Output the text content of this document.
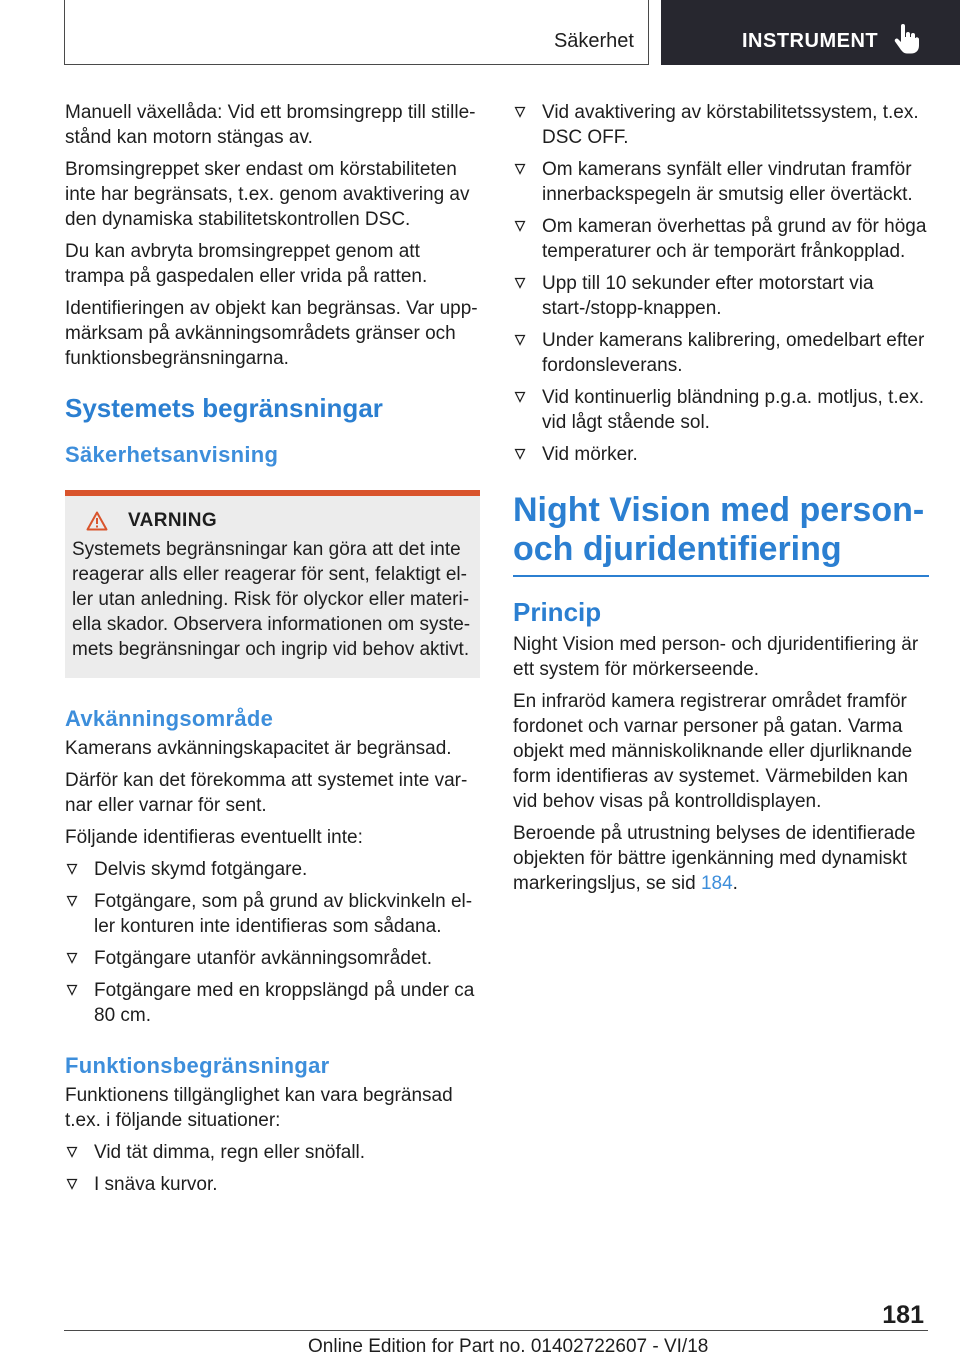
Säkerhet	INSTRUMENT

Manuell växellåda: Vid ett bromsingrepp till stille-stånd kan motorn stängas av.

Bromsingreppet sker endast om körstabiliteten inte har begränsats, t.ex. genom avaktivering av den dynamiska stabilitetskontrollen DSC.

Du kan avbryta bromsingreppet genom att trampa på gaspedalen eller vrida på ratten.

Identifieringen av objekt kan begränsas. Var upp-märksam på avkänningsområdets gränser och funktionsbegränsningarna.

Systemets begränsningar
Säkerhetsanvisning
VARNING

Systemets begränsningar kan göra att det inte reagerar alls eller reagerar för sent, felaktigt el-ler utan anledning. Risk för olyckor eller materi-ella skador. Observera informationen om syste-mets begränsningar och ingrip vid behov aktivt.

Avkänningsområde

Kamerans avkänningskapacitet är begränsad.

Därför kan det förekomma att systemet inte var-nar eller varnar för sent.

Följande identifieras eventuellt inte:

Delvis skymd fotgängare.
Fotgängare, som på grund av blickvinkeln el-ler konturen inte identifieras som sådana.
Fotgängare utanför avkänningsområdet.
Fotgängare med en kroppslängd på under ca 80 cm.
Funktionsbegränsningar

Funktionens tillgänglighet kan vara begränsad t.ex. i följande situationer:

Vid tät dimma, regn eller snöfall.
I snäva kurvor.
Vid avaktivering av körstabilitetssystem, t.ex. DSC OFF.
Om kamerans synfält eller vindrutan framför innerbackspegeln är smutsig eller övertäckt.
Om kameran överhettas på grund av för höga temperaturer och är temporärt frånkopplad.
Upp till 10 sekunder efter motorstart via start-/stopp-knappen.
Under kamerans kalibrering, omedelbart efter fordonsleverans.
Vid kontinuerlig bländning p.g.a. motljus, t.ex. vid lågt stående sol.
Vid mörker.
Night Vision med person- och djuridentifiering
Princip

Night Vision med person- och djuridentifiering är ett system för mörkerseende.

En infraröd kamera registrerar området framför fordonet och varnar personer på gatan. Varma objekt med människoliknande eller djurliknande form identifieras av systemet. Värmebilden kan vid behov visas på kontrolldisplayen.

Beroende på utrustning belyses de identifierade objekten för bättre igenkänning med dynamiskt markeringsljus, se sid 184.

181
Online Edition for Part no. 01402722607 - VI/18
